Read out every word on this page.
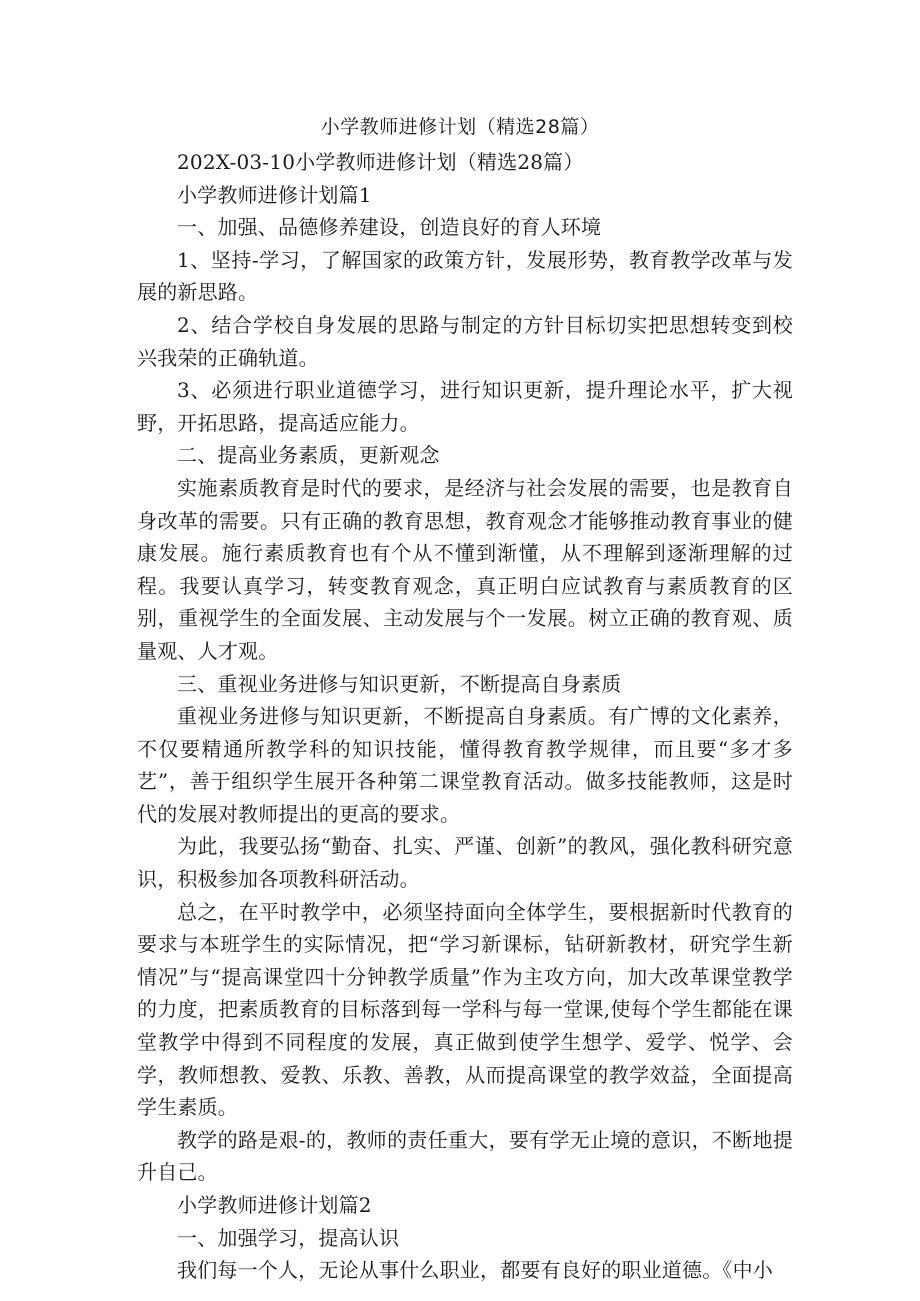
小学教师进修计划（精选28篇）

202X-03-10小学教师进修计划（精选28篇）

小学教师进修计划篇1

一、加强、品德修养建设，创造良好的育人环境

1、坚持-学习，了解国家的政策方针，发展形势，教育教学改革与发展的新思路。

2、结合学校自身发展的思路与制定的方针目标切实把思想转变到校兴我荣的正确轨道。

3、必须进行职业道德学习，进行知识更新，提升理论水平，扩大视野，开拓思路，提高适应能力。

二、提高业务素质，更新观念

实施素质教育是时代的要求，是经济与社会发展的需要，也是教育自身改革的需要。只有正确的教育思想，教育观念才能够推动教育事业的健康发展。施行素质教育也有个从不懂到渐懂，从不理解到逐渐理解的过程。我要认真学习，转变教育观念，真正明白应试教育与素质教育的区别，重视学生的全面发展、主动发展与个一发展。树立正确的教育观、质量观、人才观。

三、重视业务进修与知识更新，不断提高自身素质

重视业务进修与知识更新，不断提高自身素质。有广博的文化素养，不仅要精通所教学科的知识技能，懂得教育教学规律，而且要“多才多艺”，善于组织学生展开各种第二课堂教育活动。做多技能教师，这是时代的发展对教师提出的更高的要求。

为此，我要弘扬“勤奋、扎实、严谨、创新”的教风，强化教科研究意识，积极参加各项教科研活动。

总之，在平时教学中，必须坚持面向全体学生，要根据新时代教育的要求与本班学生的实际情况，把“学习新课标，钻研新教材，研究学生新情况”与“提高课堂四十分钟教学质量”作为主攻方向，加大改革课堂教学的力度，把素质教育的目标落到每一学科与每一堂课,使每个学生都能在课堂教学中得到不同程度的发展，真正做到使学生想学、爱学、悦学、会学，教师想教、爱教、乐教、善教，从而提高课堂的教学效益，全面提高学生素质。

教学的路是艰-的，教师的责任重大，要有学无止境的意识，不断地提升自己。

小学教师进修计划篇2

一、加强学习，提高认识

我们每一个人，无论从事什么职业，都要有良好的职业道德。《中小
